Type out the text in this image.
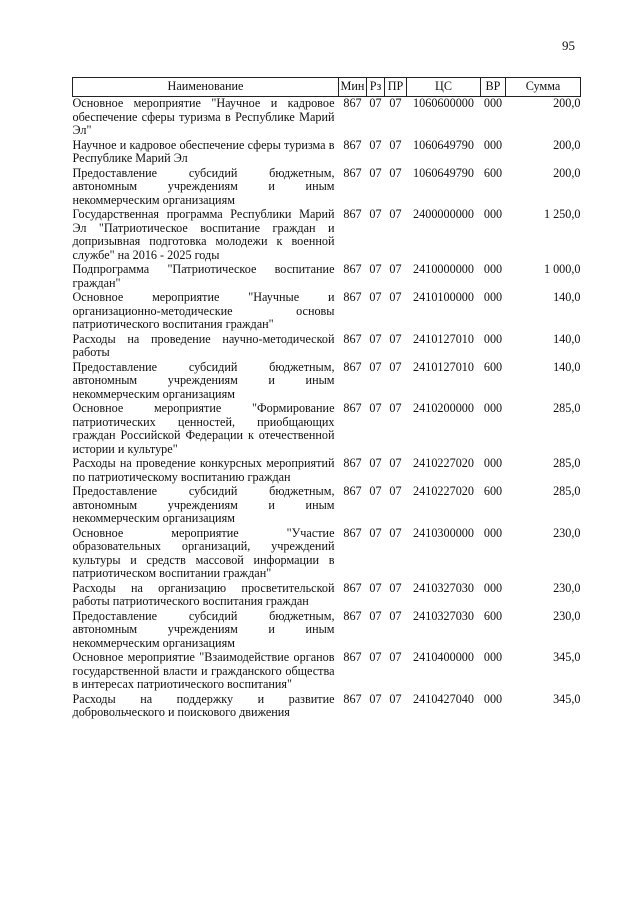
95
Наименование	Мин	Рз	ПР	ЦС	ВР	Сумма
Основное мероприятие "Научное и кадровое обеспечение сферы туризма в Республике Марий Эл"	867	07	07	1060600000	000	200,0
Научное и кадровое обеспечение сферы туризма в Республике Марий Эл	867	07	07	1060649790	000	200,0
Предоставление субсидий бюджетным, автономным учреждениям и иным некоммерческим организациям	867	07	07	1060649790	600	200,0
Государственная программа Республики Марий Эл "Патриотическое воспитание граждан и допризывная подготовка молодежи к военной службе" на 2016 - 2025 годы	867	07	07	2400000000	000	1 250,0
Подпрограмма "Патриотическое воспитание граждан"	867	07	07	2410000000	000	1 000,0
Основное мероприятие "Научные и организационно-методические основы патриотического воспитания граждан"	867	07	07	2410100000	000	140,0
Расходы на проведение научно-методической работы	867	07	07	2410127010	000	140,0
Предоставление субсидий бюджетным, автономным учреждениям и иным некоммерческим организациям	867	07	07	2410127010	600	140,0
Основное мероприятие "Формирование патриотических ценностей, приобщающих граждан Российской Федерации к отечественной истории и культуре"	867	07	07	2410200000	000	285,0
Расходы на проведение конкурсных мероприятий по патриотическому воспитанию граждан	867	07	07	2410227020	000	285,0
Предоставление субсидий бюджетным, автономным учреждениям и иным некоммерческим организациям	867	07	07	2410227020	600	285,0
Основное мероприятие "Участие образовательных организаций, учреждений культуры и средств массовой информации в патриотическом воспитании граждан"	867	07	07	2410300000	000	230,0
Расходы на организацию просветительской работы патриотического воспитания граждан	867	07	07	2410327030	000	230,0
Предоставление субсидий бюджетным, автономным учреждениям и иным некоммерческим организациям	867	07	07	2410327030	600	230,0
Основное мероприятие "Взаимодействие органов государственной власти и гражданского общества в интересах патриотического воспитания"	867	07	07	2410400000	000	345,0
Расходы на поддержку и развитие добровольческого и поискового движения	867	07	07	2410427040	000	345,0
